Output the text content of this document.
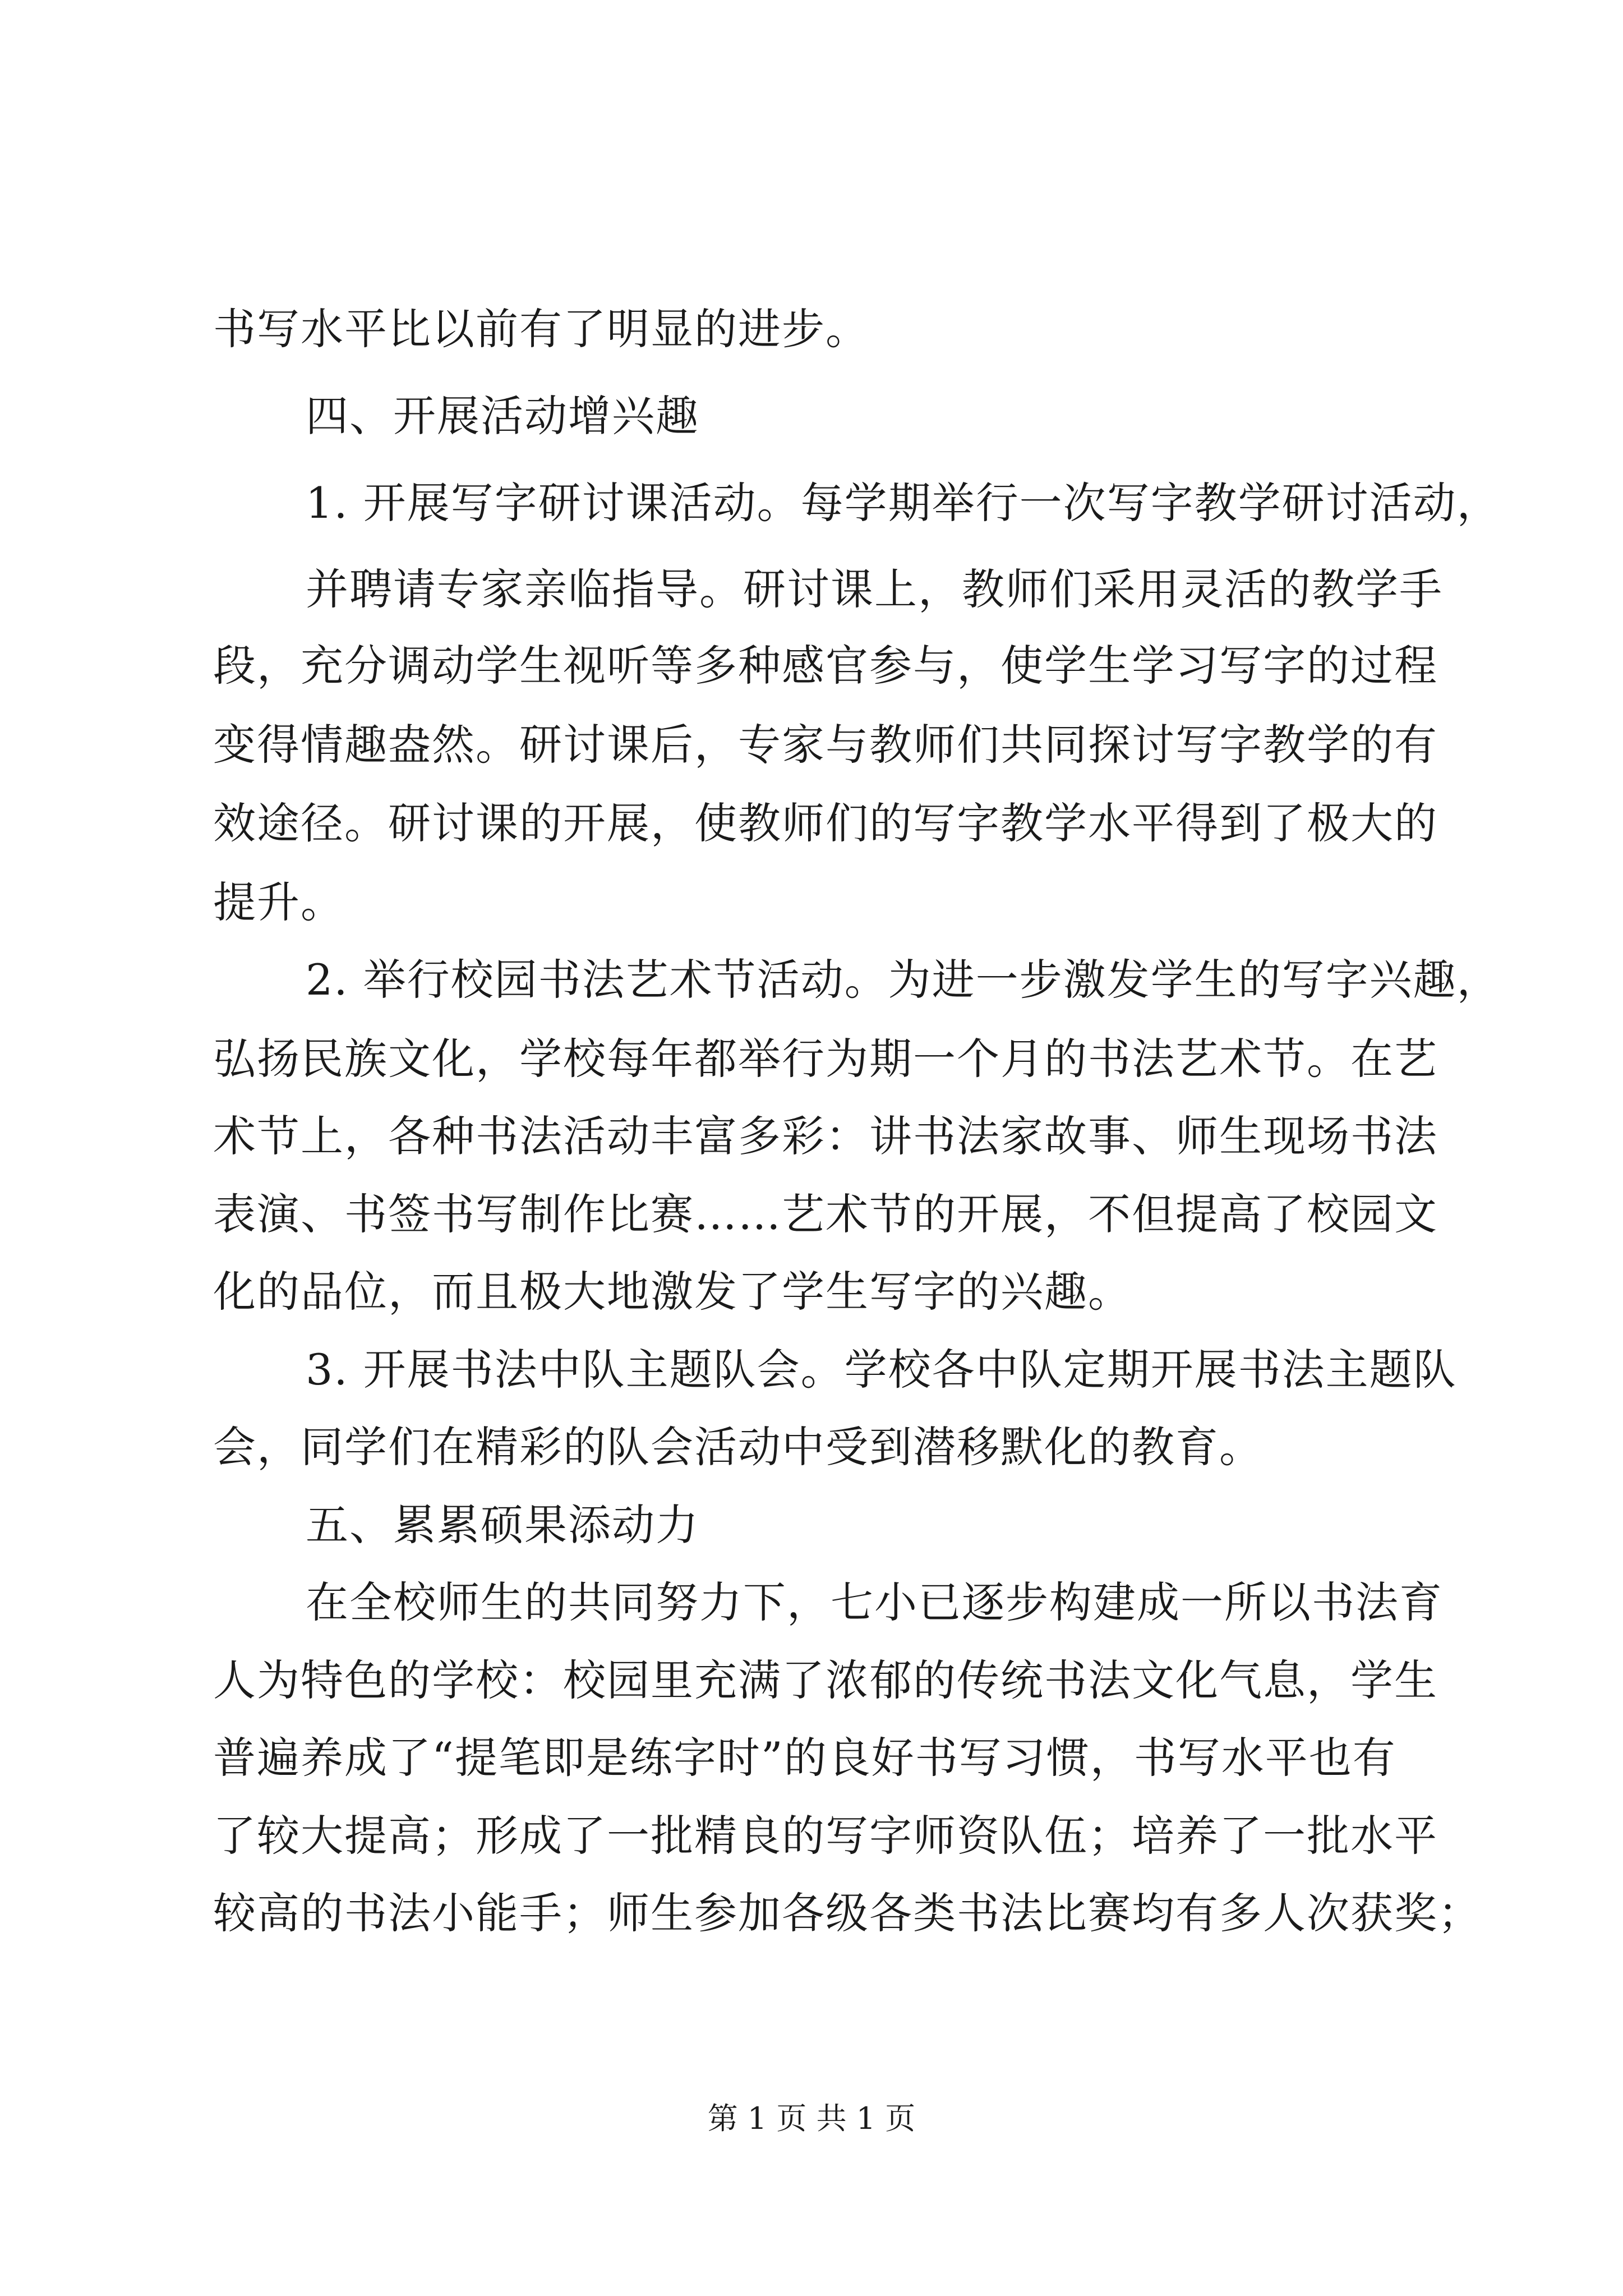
书写水平比以前有了明显的进步。
四、开展活动增兴趣
1. 开展写字研讨课活动。每学期举行一次写字教学研讨活动，
并聘请专家亲临指导。研讨课上，教师们采用灵活的教学手
段，充分调动学生视听等多种感官参与，使学生学习写字的过程
变得情趣盎然。研讨课后，专家与教师们共同探讨写字教学的有
效途径。研讨课的开展，使教师们的写字教学水平得到了极大的
提升。
2. 举行校园书法艺术节活动。为进一步激发学生的写字兴趣，
弘扬民族文化，学校每年都举行为期一个月的书法艺术节。在艺
术节上，各种书法活动丰富多彩：讲书法家故事、师生现场书法
表演、书签书写制作比赛……艺术节的开展，不但提高了校园文
化的品位，而且极大地激发了学生写字的兴趣。
3. 开展书法中队主题队会。学校各中队定期开展书法主题队
会，同学们在精彩的队会活动中受到潜移默化的教育。
五、累累硕果添动力
在全校师生的共同努力下，七小已逐步构建成一所以书法育
人为特色的学校：校园里充满了浓郁的传统书法文化气息，学生
普遍养成了“提笔即是练字时”的良好书写习惯，书写水平也有
了较大提高；形成了一批精良的写字师资队伍；培养了一批水平
较高的书法小能手；师生参加各级各类书法比赛均有多人次获奖；
第 1 页 共 1 页
